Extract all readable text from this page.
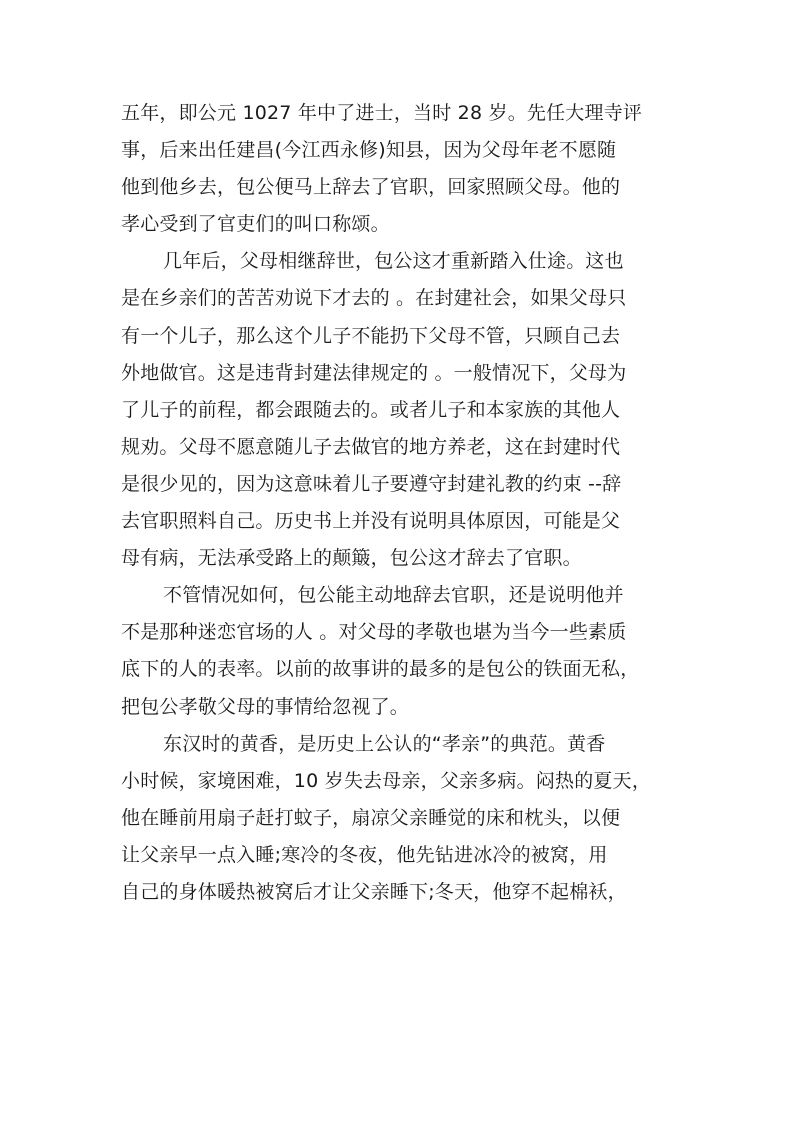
五年，即公元 1027 年中了进士，当时 28 岁。先任大理寺评
事，后来出任建昌(今江西永修)知县，因为父母年老不愿随
他到他乡去，包公便马上辞去了官职，回家照顾父母。他的
孝心受到了官吏们的叫口称颂。
几年后，父母相继辞世，包公这才重新踏入仕途。这也
是在乡亲们的苦苦劝说下才去的 。在封建社会，如果父母只
有一个儿子，那么这个儿子不能扔下父母不管，只顾自己去
外地做官。这是违背封建法律规定的 。一般情况下，父母为
了儿子的前程，都会跟随去的。或者儿子和本家族的其他人
规劝。父母不愿意随儿子去做官的地方养老，这在封建时代
是很少见的，因为这意味着儿子要遵守封建礼教的约束 --辞
去官职照料自己。历史书上并没有说明具体原因，可能是父
母有病，无法承受路上的颠簸，包公这才辞去了官职。
不管情况如何，包公能主动地辞去官职，还是说明他并
不是那种迷恋官场的人 。对父母的孝敬也堪为当今一些素质
底下的人的表率。以前的故事讲的最多的是包公的铁面无私，
把包公孝敬父母的事情给忽视了。
东汉时的黄香，是历史上公认的“孝亲”的典范。黄香
小时候，家境困难，10 岁失去母亲，父亲多病。闷热的夏天，
他在睡前用扇子赶打蚊子，扇凉父亲睡觉的床和枕头，以便
让父亲早一点入睡;寒冷的冬夜，他先钻进冰冷的被窝，用
自己的身体暖热被窝后才让父亲睡下;冬天，他穿不起棉袄，
